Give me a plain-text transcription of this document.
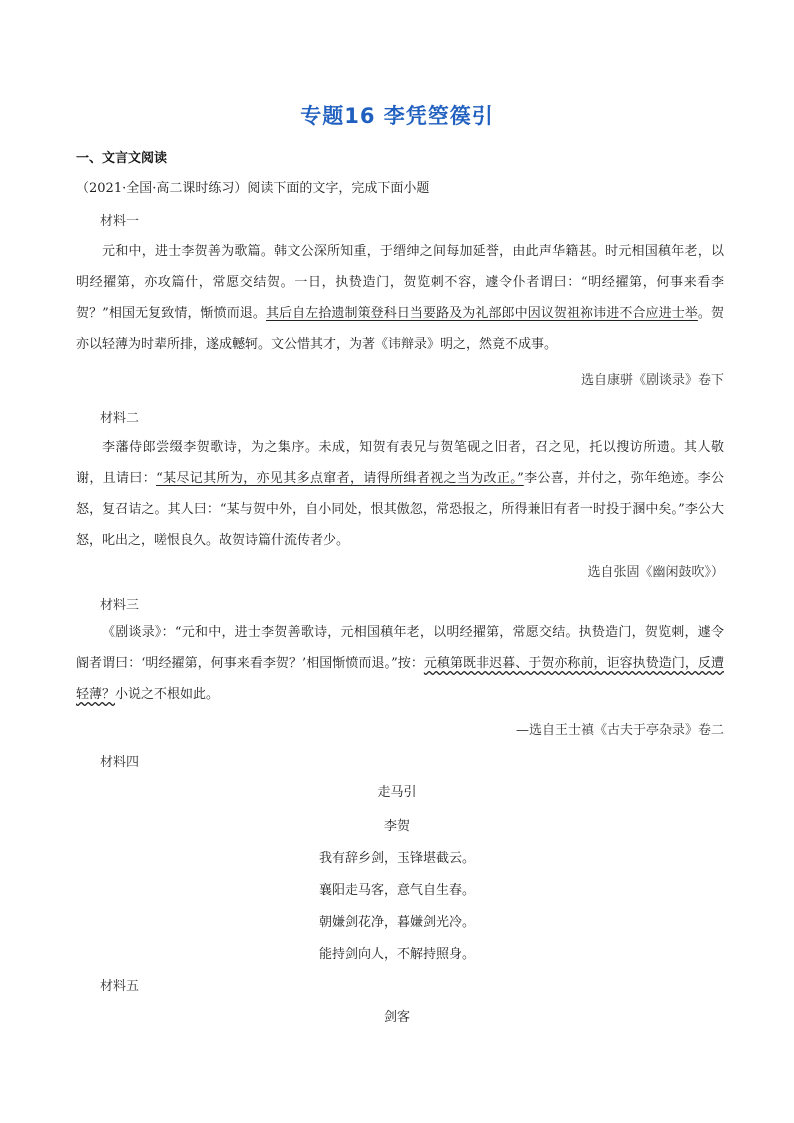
专题16 李凭箜篌引
一、文言文阅读
（2021·全国·高二课时练习）阅读下面的文字，完成下面小题
材料一
元和中，进士李贺善为歌篇。韩文公深所知重，于缙绅之间每加延誉，由此声华籍甚。时元相国稹年老，以明经擢第，亦攻篇什，常愿交结贺。一日，执贽造门，贺览刺不容，遽令仆者谓曰：“明经擢第，何事来看李贺？”相国无复致情，惭愤而退。其后自左拾遗制策登科日当要路及为礼部郎中因议贺祖祢讳进不合应进士举。贺亦以轻薄为时辈所排，遂成轗轲。文公惜其才，为著《讳辩录》明之，然竟不成事。
选自康骈《剧谈录》卷下
材料二
李藩侍郎尝缀李贺歌诗，为之集序。未成，知贺有表兄与贺笔砚之旧者，召之见，托以搜访所遗。其人敬谢，且请曰：“某尽记其所为，亦见其多点窜者，请得所缉者视之当为改正。”李公喜，并付之，弥年绝迹。李公怒，复召诘之。其人曰：“某与贺中外，自小同处，恨其傲忽，常恐报之，所得兼旧有者一时投于溷中矣。”李公大怒，叱出之，嗟恨良久。故贺诗篇什流传者少。
选自张固《幽闲鼓吹》）
材料三
《剧谈录》：“元和中，进士李贺善歌诗，元相国稹年老，以明经擢第，常愿交结。执贽造门，贺览刺，遽令阍者谓曰：‘明经擢第，何事来看李贺？’相国惭愤而退。”按：元稹第既非迟暮、于贺亦称前，讵容执贽造门，反遭轻薄？小说之不根如此。
—选自王士禛《古夫于亭杂录》卷二
材料四
走马引
李贺
我有辞乡剑，玉锋堪截云。
襄阳走马客，意气自生春。
朝嫌剑花净，暮嫌剑光冷。
能持剑向人，不解持照身。
材料五
剑客
